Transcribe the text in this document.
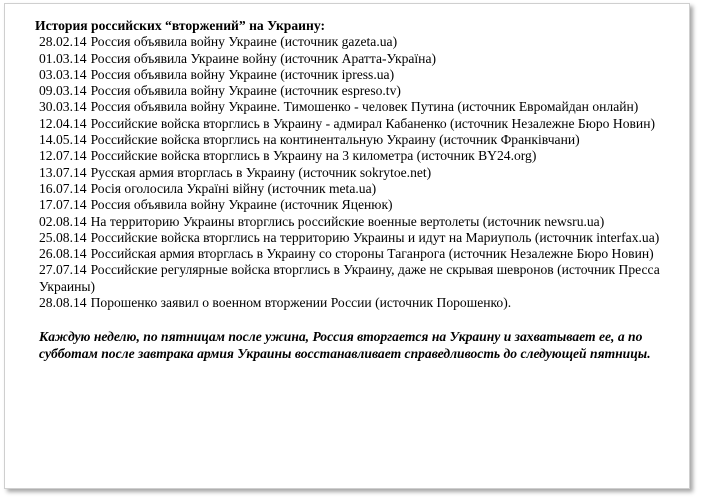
История российских “вторжений” на Украину:

28.02.14 Россия объявила войну Украине (источник gazeta.ua)
01.03.14 Россия объявила Украине войну (источник Аратта-Україна)
03.03.14 Россия объявила войну Украине (источник ipress.ua)
09.03.14 Россия объявила войну Украине (источник espreso.tv)
30.03.14 Россия объявила войну Украине. Тимошенко - человек Путина (источник Евромайдан онлайн)
12.04.14 Российские войска вторглись в Украину - адмирал Кабаненко (источник Незалежне Бюро Новин)
14.05.14 Российские войска вторглись на континентальную Украину (источник Франківчани)
12.07.14 Российские войска вторглись в Украину на 3 километра (источник BY24.org)
13.07.14 Русская армия вторглась в Украину (источник sokrytoe.net)
16.07.14 Росія оголосила Україні війну (источник meta.ua)
17.07.14 Россия объявила войну Украине (источник Яценюк)
02.08.14 На территорию Украины вторглись российские военные вертолеты (источник newsru.ua)
25.08.14 Российские войска вторглись на территорию Украины и идут на Мариуполь (источник interfax.ua)
26.08.14 Российская армия вторглась в Украину со стороны Таганрога (источник Незалежне Бюро Новин)
27.07.14 Российские регулярные войска вторглись в Украину, даже не скрывая шевронов (источник Пресса Украины)
28.08.14 Порошенко заявил о военном вторжении России (источник Порошенко).

Каждую неделю, по пятницам после ужина, Россия вторгается на Украину и захватывает ее, а по субботам после завтрака армия Украины восстанавливает справедливость до следующей пятницы.
